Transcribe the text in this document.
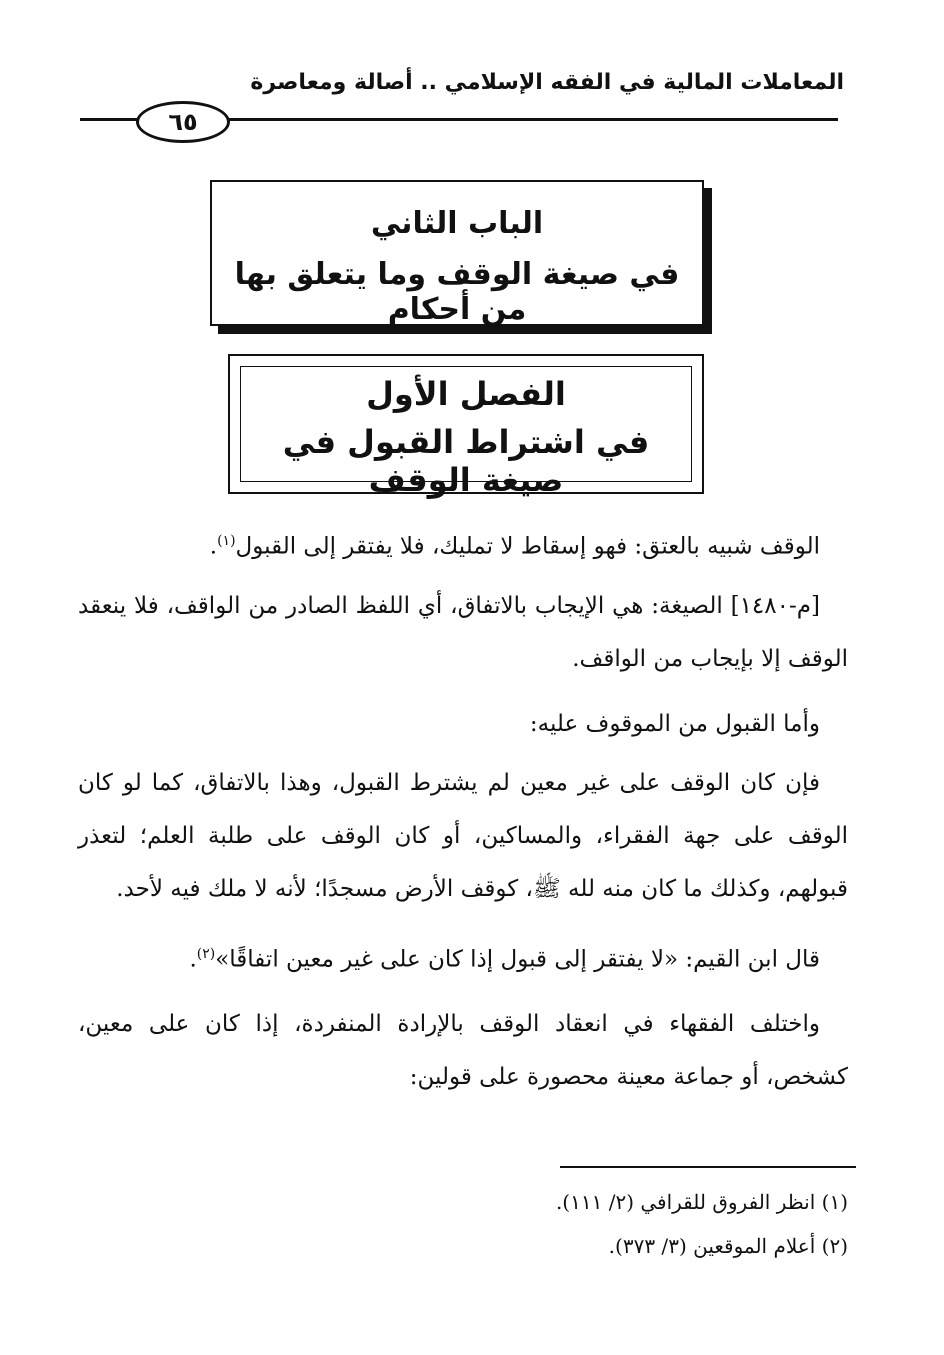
المعاملات المالية في الفقه الإسلامي .. أصالة ومعاصرة
٦٥
الباب الثاني
في صيغة الوقف وما يتعلق بها من أحكام
الفصل الأول
في اشتراط القبول في صيغة الوقف

الوقف شبيه بالعتق: فهو إسقاط لا تمليك، فلا يفتقر إلى القبول$^{(١)}$.

[م-١٤٨٠] الصيغة: هي الإيجاب بالاتفاق، أي اللفظ الصادر من الواقف، فلا ينعقد الوقف إلا بإيجاب من الواقف.

وأما القبول من الموقوف عليه:

فإن كان الوقف على غير معين لم يشترط القبول، وهذا بالاتفاق، كما لو كان الوقف على جهة الفقراء، والمساكين، أو كان الوقف على طلبة العلم؛ لتعذر قبولهم، وكذلك ما كان منه لله ﷺ، كوقف الأرض مسجدًا؛ لأنه لا ملك فيه لأحد.

قال ابن القيم: «لا يفتقر إلى قبول إذا كان على غير معين اتفاقًا»$^{(٢)}$.

واختلف الفقهاء في انعقاد الوقف بالإرادة المنفردة، إذا كان على معين، كشخص، أو جماعة معينة محصورة على قولين:

(١) انظر الفروق للقرافي (٢/ ١١١).
(٢) أعلام الموقعين (٣/ ٣٧٣).
